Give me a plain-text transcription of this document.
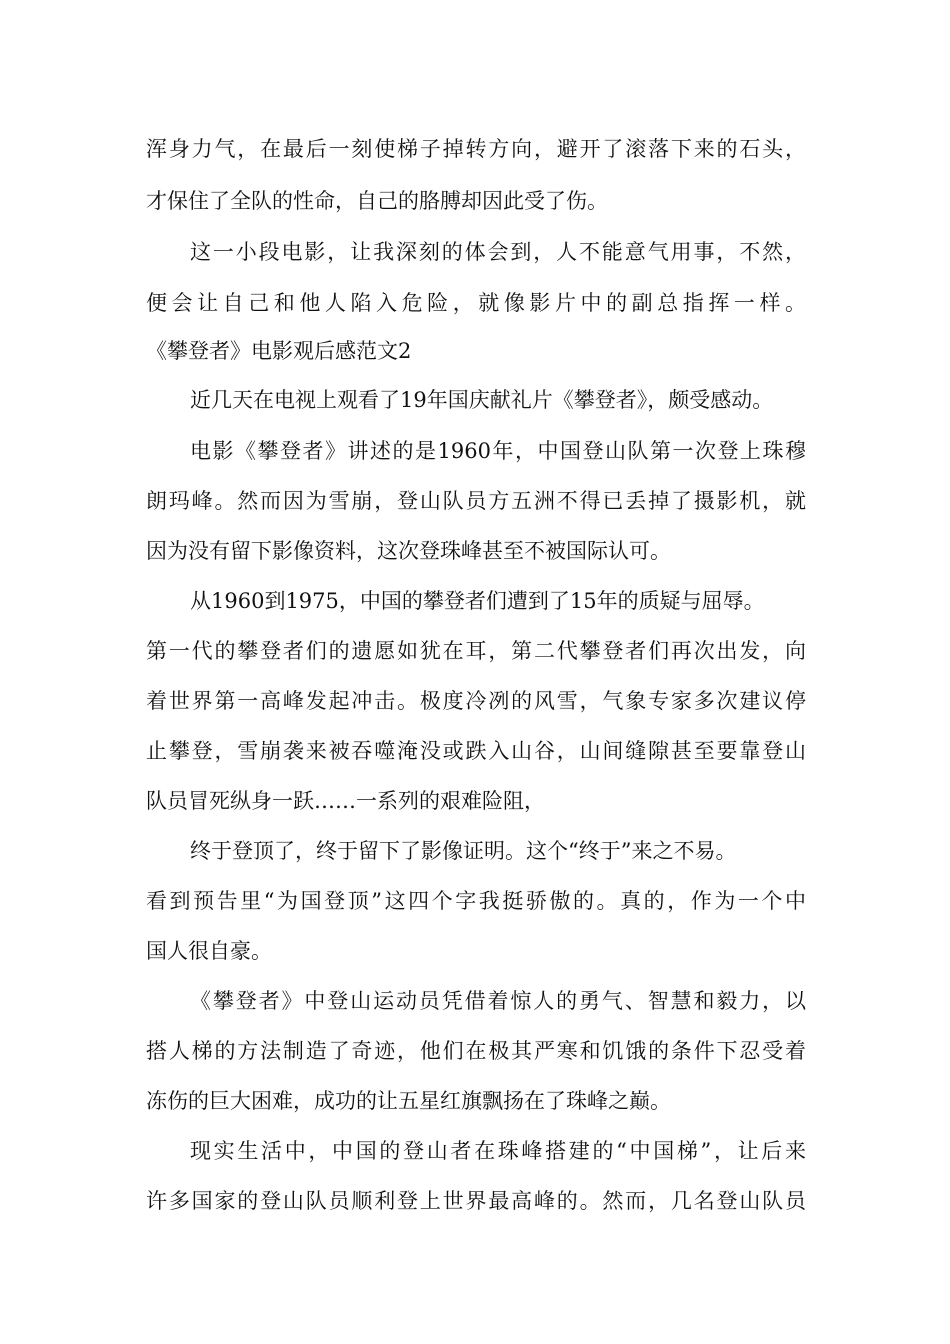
浑身力气，在最后一刻使梯子掉转方向，避开了滚落下来的石头，
才保住了全队的性命，自己的胳膊却因此受了伤。
这一小段电影，让我深刻的体会到，人不能意气用事，不然，
便会让自己和他人陷入危险，就像影片中的副总指挥一样。
《攀登者》电影观后感范文2
近几天在电视上观看了19年国庆献礼片《攀登者》，颇受感动。
电影《攀登者》讲述的是1960年，中国登山队第一次登上珠穆
朗玛峰。然而因为雪崩，登山队员方五洲不得已丢掉了摄影机，就
因为没有留下影像资料，这次登珠峰甚至不被国际认可。
从1960到1975，中国的攀登者们遭到了15年的质疑与屈辱。
第一代的攀登者们的遗愿如犹在耳，第二代攀登者们再次出发，向
着世界第一高峰发起冲击。极度冷冽的风雪，气象专家多次建议停
止攀登，雪崩袭来被吞噬淹没或跌入山谷，山间缝隙甚至要靠登山
队员冒死纵身一跃……一系列的艰难险阻，
终于登顶了，终于留下了影像证明。这个“终于”来之不易。
看到预告里“为国登顶”这四个字我挺骄傲的。真的，作为一个中
国人很自豪。
《攀登者》中登山运动员凭借着惊人的勇气、智慧和毅力，以
搭人梯的方法制造了奇迹，他们在极其严寒和饥饿的条件下忍受着
冻伤的巨大困难，成功的让五星红旗飘扬在了珠峰之巅。
现实生活中，中国的登山者在珠峰搭建的“中国梯”，让后来
许多国家的登山队员顺利登上世界最高峰的。然而，几名登山队员
